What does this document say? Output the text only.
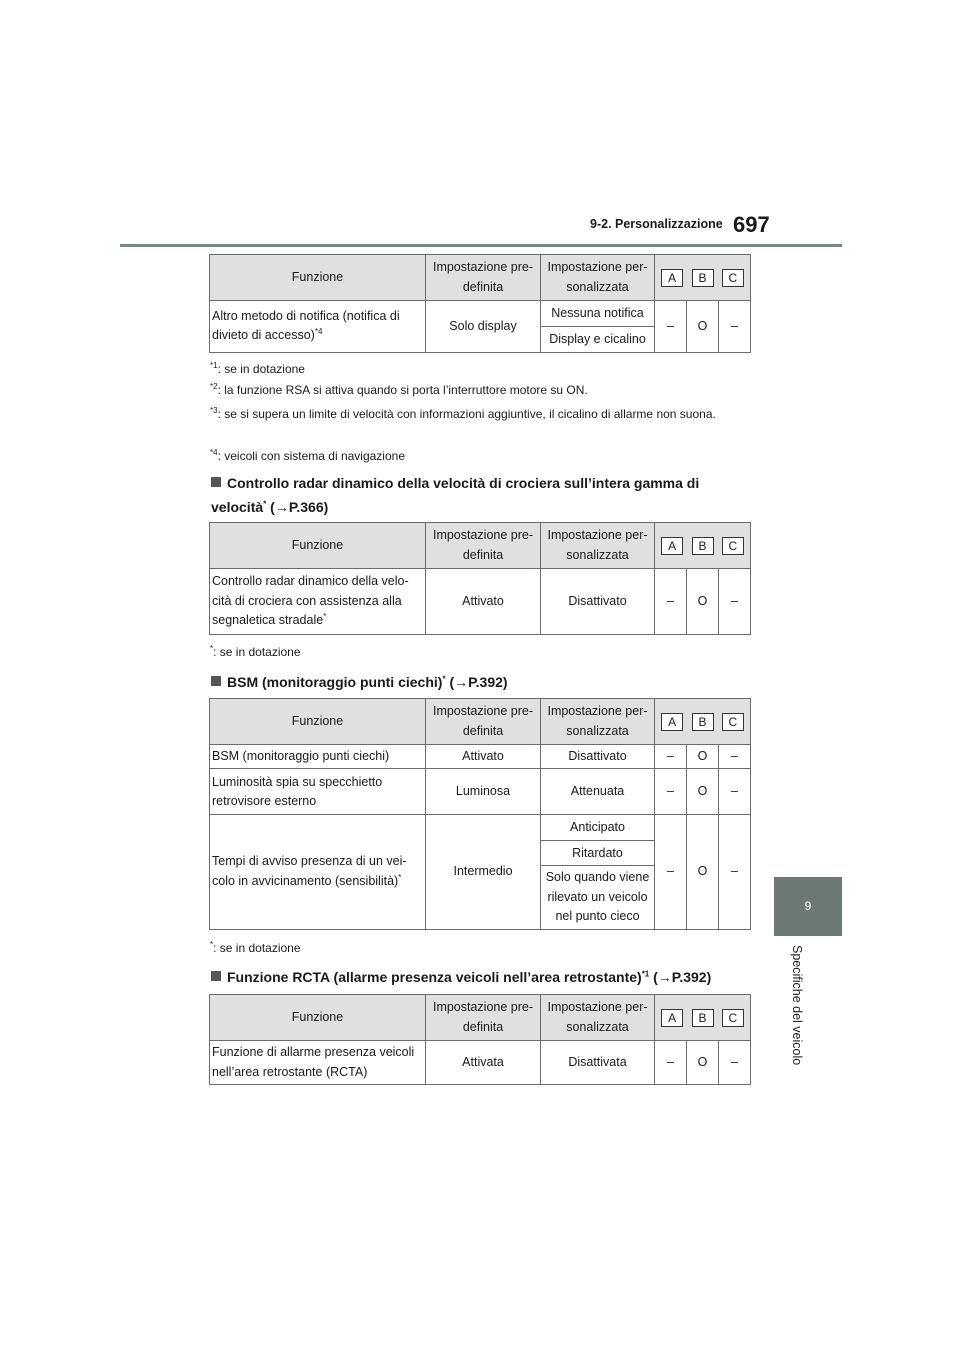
9-2. Personalizzazione 697
9
Specifiche del veicolo
Funzione	Impostazione pre-definita	Impostazione per-sonalizzata	A B C		

Altro metodo di notifica (notifica di divieto di accesso)$^{*4}$	Solo display	Nessuna notifica	–	O	–
		Display e cicalino			
$^{*1}$: se in dotazione
$^{*2}$: la funzione RSA si attiva quando si porta l’interruttore motore su ON.
$^{*3}$: se si supera un limite di velocità con informazioni aggiuntive, il cicalino di allarme non suona.
$^{*4}$: veicoli con sistema di navigazione
Controllo radar dinamico della velocità di crociera sull’intera gamma di velocità* (→P.366)
Funzione	Impostazione pre-definita	Impostazione per-sonalizzata	A B C		

Controllo radar dinamico della velo-cità di crociera con assistenza alla segnaletica stradale*	Attivato	Disattivato	–	O	–
*: se in dotazione
BSM (monitoraggio punti ciechi)* (→P.392)
Funzione	Impostazione pre-definita	Impostazione per-sonalizzata	A B C		

BSM (monitoraggio punti ciechi)	Attivato	Disattivato	–	O	–
Luminosità spia su specchietto retrovisore esterno	Luminosa	Attenuata	–	O	–
Tempi di avviso presenza di un vei-colo in avvicinamento (sensibilità)*	Intermedio	Anticipato	–	O	–
		Ritardato			
		Solo quando viene rilevato un veicolo nel punto cieco			
*: se in dotazione
Funzione RCTA (allarme presenza veicoli nell’area retrostante)$^{*1}$ (→P.392)
Funzione	Impostazione pre-definita	Impostazione per-sonalizzata	A B C		

Funzione di allarme presenza veicoli nell’area retrostante (RCTA)	Attivata	Disattivata	–	O	–
